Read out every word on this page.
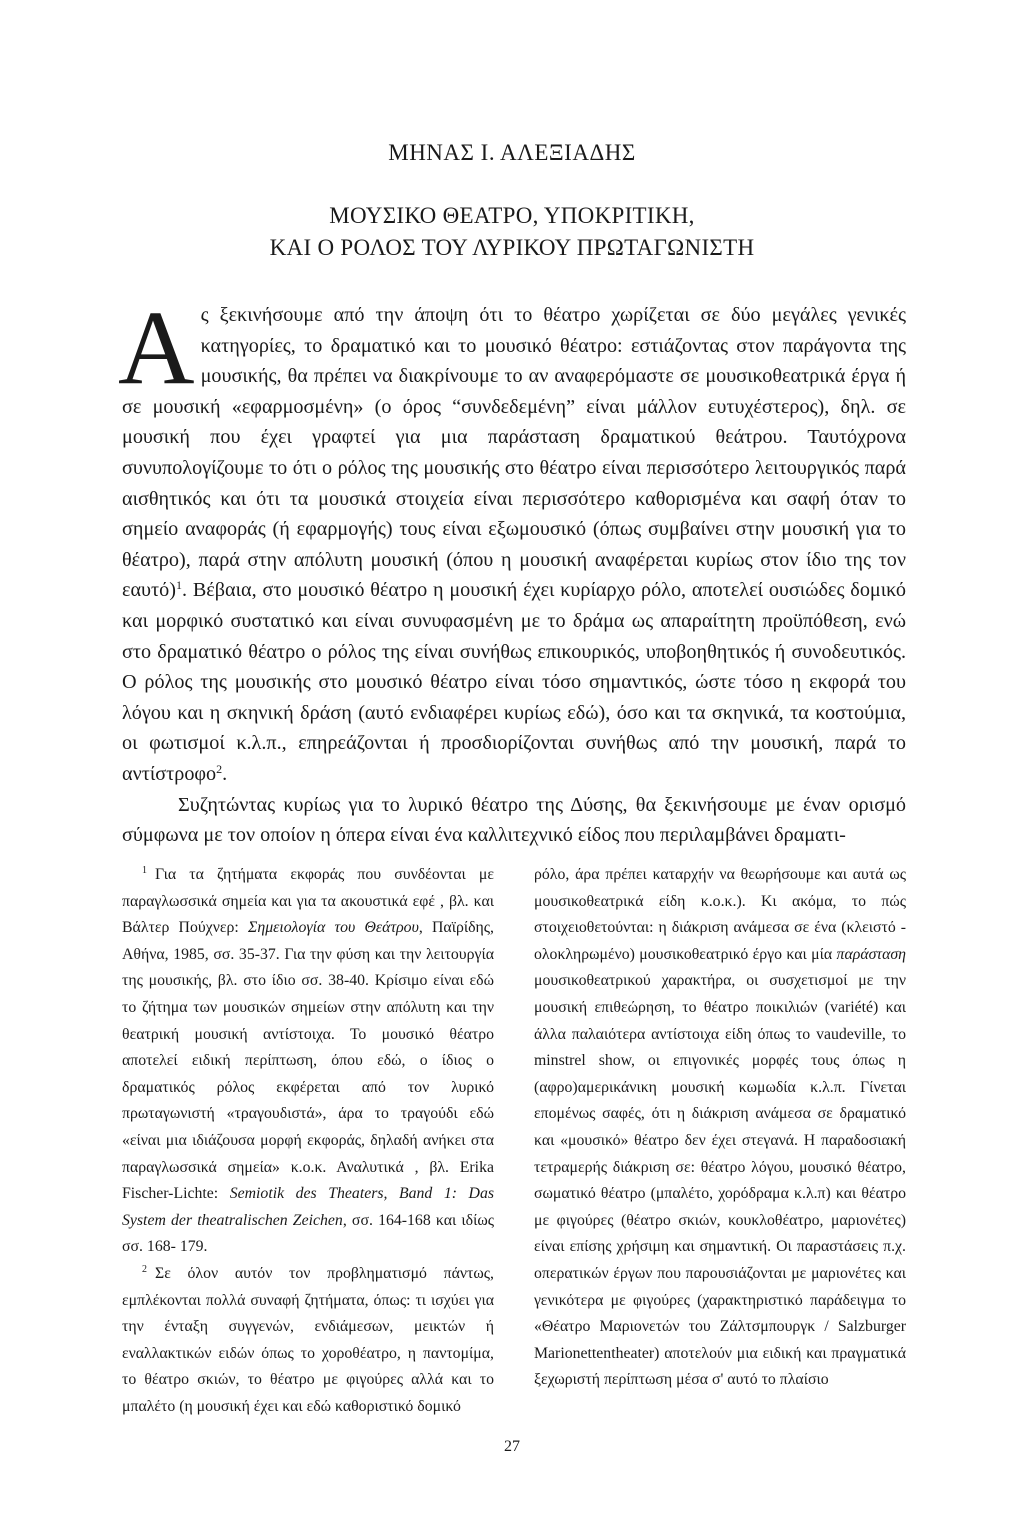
ΜΗΝΑΣ Ι. ΑΛΕΞΙΑΔΗΣ
ΜΟΥΣΙΚΟ ΘΕΑΤΡΟ, ΥΠΟΚΡΙΤΙΚΗ,
ΚΑΙ Ο ΡΟΛΟΣ ΤΟΥ ΛΥΡΙΚΟΥ ΠΡΩΤΑΓΩΝΙΣΤΗ

Ας ξεκινήσουμε από την άποψη ότι το θέατρο χωρίζεται σε δύο μεγάλες γενικές κατηγορίες, το δραματικό και το μουσικό θέατρο: εστιάζοντας στον παράγοντα της μουσικής, θα πρέπει να διακρίνουμε το αν αναφερόμαστε σε μουσικοθεατρικά έργα ή σε μουσική «εφαρμοσμένη» (ο όρος “συνδεδεμένη” είναι μάλλον ευτυχέστερος), δηλ. σε μουσική που έχει γραφτεί για μια παράσταση δραματικού θεάτρου. Ταυτόχρονα συνυπολογίζουμε το ότι ο ρόλος της μουσικής στο θέατρο είναι περισσότερο λειτουργικός παρά αισθητικός και ότι τα μουσικά στοιχεία είναι περισσότερο καθορισμένα και σαφή όταν το σημείο αναφοράς (ή εφαρμογής) τους είναι εξωμουσικό (όπως συμβαίνει στην μουσική για το θέατρο), παρά στην απόλυτη μουσική (όπου η μουσική αναφέρεται κυρίως στον ίδιο της τον εαυτό)$^1$. Βέβαια, στο μουσικό θέατρο η μουσική έχει κυρίαρχο ρόλο, αποτελεί ουσιώδες δομικό και μορφικό συστατικό και είναι συνυφασμένη με το δράμα ως απαραίτητη προϋπόθεση, ενώ στο δραματικό θέατρο ο ρόλος της είναι συνήθως επικουρικός, υποβοηθητικός ή συνοδευτικός. Ο ρόλος της μουσικής στο μουσικό θέατρο είναι τόσο σημαντικός, ώστε τόσο η εκφορά του λόγου και η σκηνική δράση (αυτό ενδιαφέρει κυρίως εδώ), όσο και τα σκηνικά, τα κοστούμια, οι φωτισμοί κ.λ.π., επηρεάζονται ή προσδιορίζονται συνήθως από την μουσική, παρά το αντίστροφο$^2$.

Συζητώντας κυρίως για το λυρικό θέατρο της Δύσης, θα ξεκινήσουμε με έναν ορισμό σύμφωνα με τον οποίον η όπερα είναι ένα καλλιτεχνικό είδος που περιλαμβάνει δραματι-

$^1$ Για τα ζητήματα εκφοράς που συνδέονται με παραγλωσσικά σημεία και για τα ακουστικά εφέ , βλ. και Βάλτερ Πούχνερ: Σημειολογία του Θεάτρου, Παϊρίδης, Αθήνα, 1985, σσ. 35-37. Για την φύση και την λειτουργία της μουσικής, βλ. στο ίδιο σσ. 38-40. Κρίσιμο είναι εδώ το ζήτημα των μουσικών σημείων στην απόλυτη και την θεατρική μουσική αντίστοιχα. Το μουσικό θέατρο αποτελεί ειδική περίπτωση, όπου εδώ, ο ίδιος ο δραματικός ρόλος εκφέρεται από τον λυρικό πρωταγωνιστή «τραγουδιστά», άρα το τραγούδι εδώ «είναι μια ιδιάζουσα μορφή εκφοράς, δηλαδή ανήκει στα παραγλωσσικά σημεία» κ.ο.κ. Αναλυτικά , βλ. Erika Fischer-Lichte: Semiotik des Theaters, Band 1: Das System der theatralischen Zeichen, σσ. 164-168 και ιδίως σσ. 168- 179.

$^2$ Σε όλον αυτόν τον προβληματισμό πάντως, εμπλέκονται πολλά συναφή ζητήματα, όπως: τι ισχύει για την ένταξη συγγενών, ενδιάμεσων, μεικτών ή εναλλακτικών ειδών όπως το χοροθέατρο, η παντομίμα, το θέατρο σκιών, το θέατρο με φιγούρες αλλά και το μπαλέτο (η μουσική έχει και εδώ καθοριστικό δομικό

ρόλο, άρα πρέπει καταρχήν να θεωρήσουμε και αυτά ως μουσικοθεατρικά είδη κ.ο.κ.). Κι ακόμα, το πώς στοιχειοθετούνται: η διάκριση ανάμεσα σε ένα (κλειστό - ολοκληρωμένο) μουσικοθεατρικό έργο και μία παράσταση μουσικοθεατρικού χαρακτήρα, οι συσχετισμοί με την μουσική επιθεώρηση, το θέατρο ποικιλιών (variété) και άλλα παλαιότερα αντίστοιχα είδη όπως το vaudeville, το minstrel show, οι επιγονικές μορφές τους όπως η (αφρο)αμερικάνικη μουσική κωμωδία κ.λ.π. Γίνεται επομένως σαφές, ότι η διάκριση ανάμεσα σε δραματικό και «μουσικό» θέατρο δεν έχει στεγανά. Η παραδοσιακή τετραμερής διάκριση σε: θέατρο λόγου, μουσικό θέατρο, σωματικό θέατρο (μπαλέτο, χορόδραμα κ.λ.π) και θέατρο με φιγούρες (θέατρο σκιών, κουκλοθέατρο, μαριονέτες) είναι επίσης χρήσιμη και σημαντική. Οι παραστάσεις π.χ. οπερατικών έργων που παρουσιάζονται με μαριονέτες και γενικότερα με φιγούρες (χαρακτηριστικό παράδειγμα το «Θέατρο Μαριονετών του Ζάλτσμπουργκ / Salzburger Marionettentheater) αποτελούν μια ειδική και πραγματικά ξεχωριστή περίπτωση μέσα σ' αυτό το πλαίσιο

27
